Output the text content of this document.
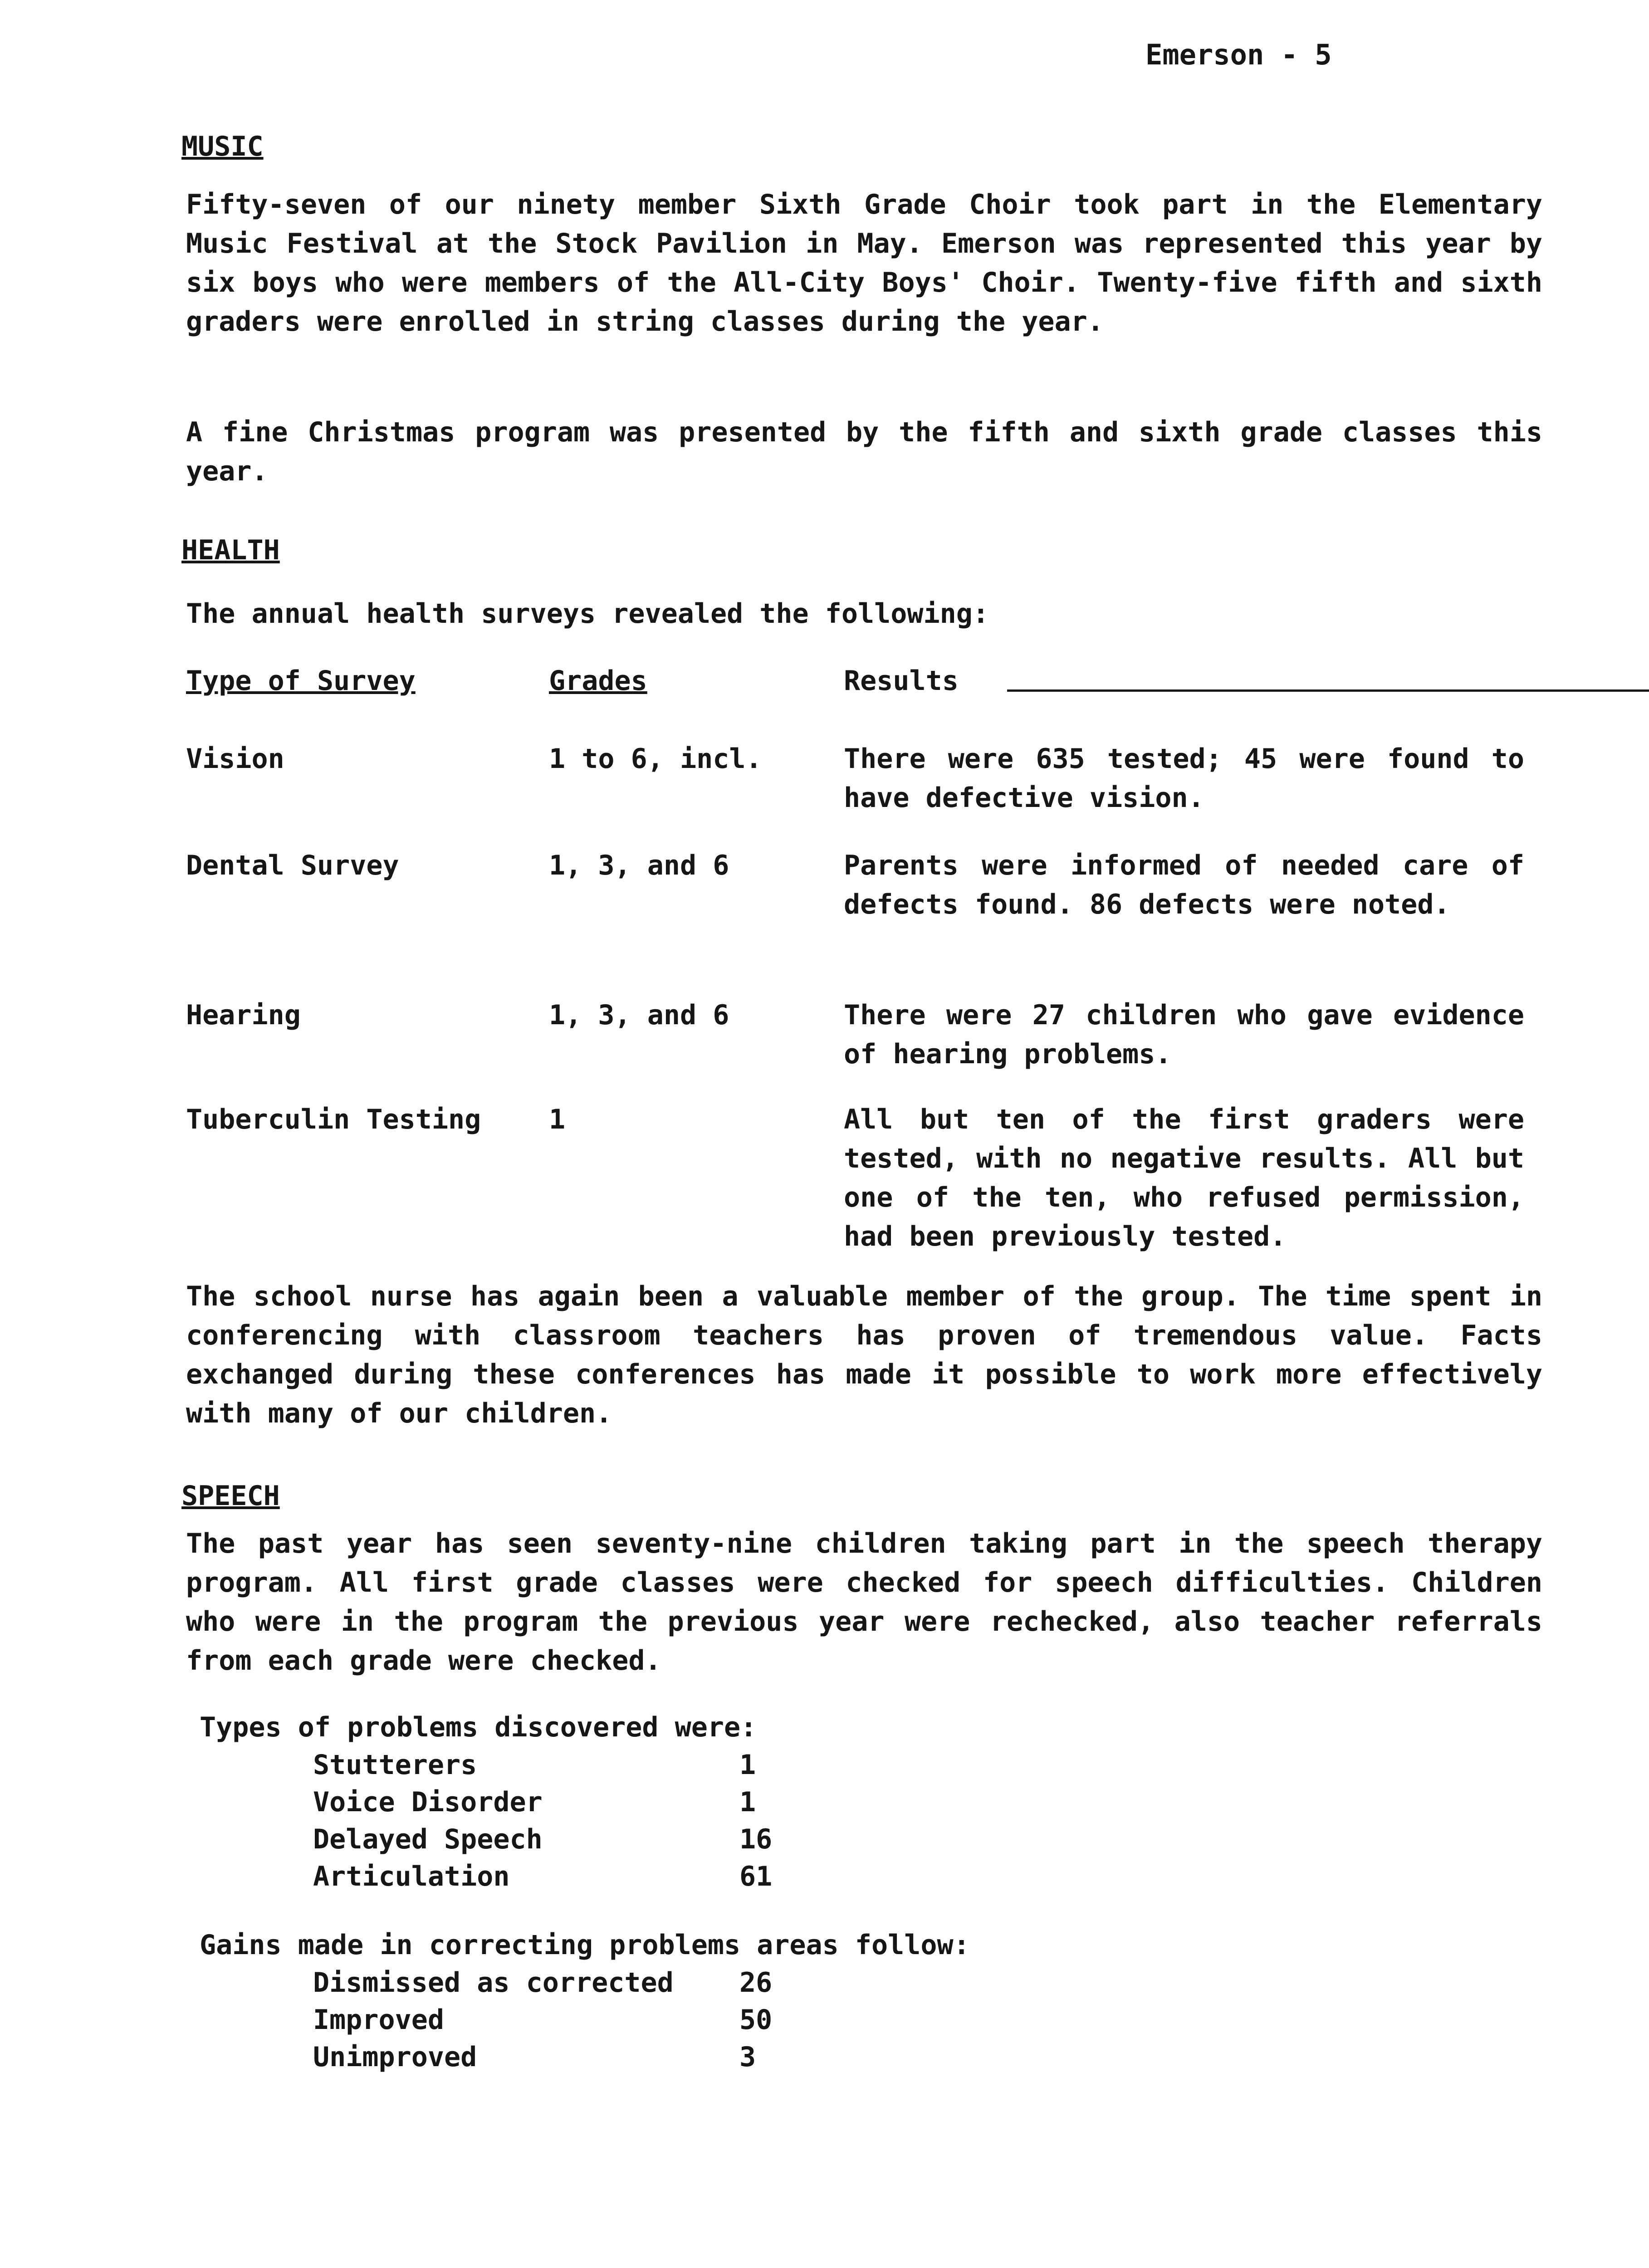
Emerson - 5
MUSIC

Fifty-seven of our ninety member Sixth Grade Choir took part in the Elementary Music Festival at the Stock Pavilion in May. Emerson was represented this year by six boys who were members of the All-City Boys' Choir. Twenty-five fifth and sixth graders were enrolled in string classes during the year.

A fine Christmas program was presented by the fifth and sixth grade classes this year.

HEALTH

The annual health surveys revealed the following:

Type of Survey	Grades	Results
Vision	1 to 6, incl.	There were 635 tested; 45 were found to have defective vision.
Dental Survey	1, 3, and 6	Parents were informed of needed care of defects found. 86 defects were noted.
Hearing	1, 3, and 6	There were 27 children who gave evidence of hearing problems.
Tuberculin Testing 1	All but ten of the first graders were tested, with no negative results. All but one of the ten, who refused permission, had been previously tested.

The school nurse has again been a valuable member of the group. The time spent in conferencing with classroom teachers has proven of tremendous value. Facts exchanged during these conferences has made it possible to work more effectively with many of our children.

SPEECH

The past year has seen seventy-nine children taking part in the speech therapy program. All first grade classes were checked for speech difficulties. Children who were in the program the previous year were rechecked, also teacher referrals from each grade were checked.

Types of problems discovered were:
Stutterers	1
Voice Disorder	1
Delayed Speech	16
Articulation	61
Gains made in correcting problems areas follow:
Dismissed as corrected 26
Improved	50
Unimproved	3
